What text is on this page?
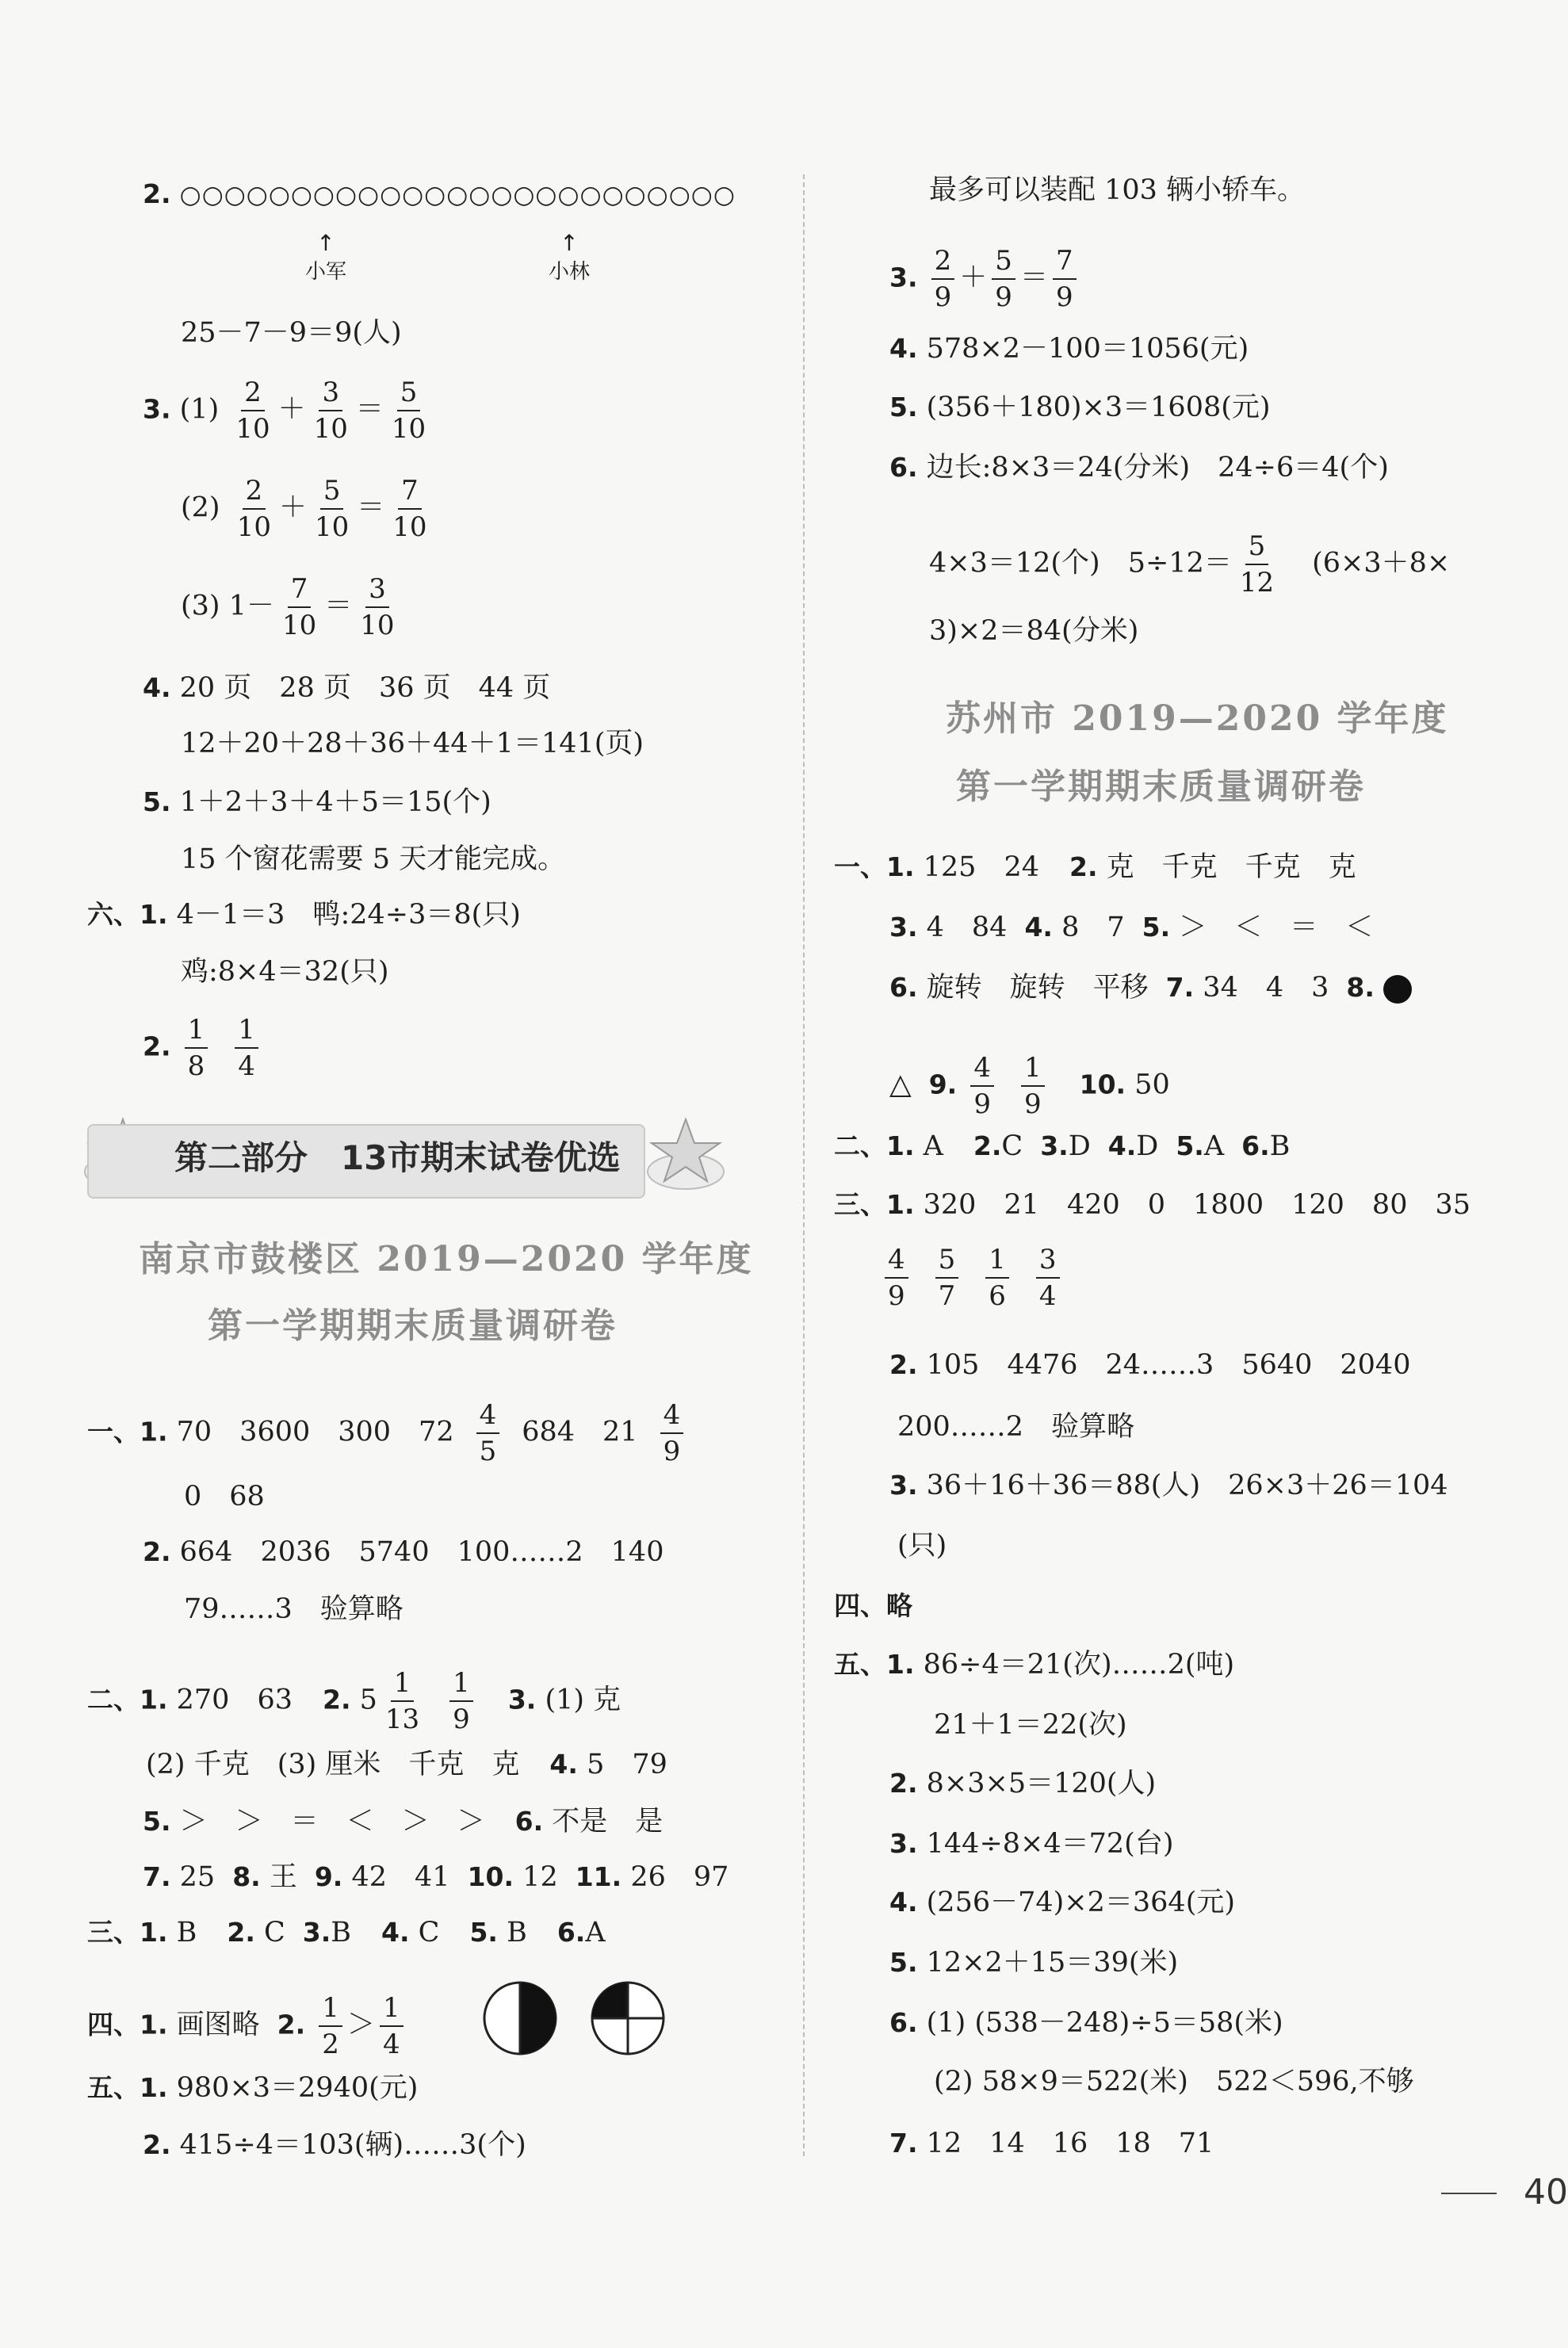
2. ○○○○○○○○○○○○○○○○○○○○○○○○○
↑
小军
↑
小林
25－7－9＝9(人)
3. $(1) \frac{2}{10} + \frac{3}{10} = \frac{5}{10}$
$(2) \frac{2}{10} + \frac{5}{10} = \frac{7}{10}$
(3) $1- \frac{7}{10} = \frac{3}{10}$
4. 20 页　28 页　36 页　44 页
12＋20＋28＋36＋44＋1＝141(页)
5. 1＋2＋3＋4＋5＝15(个)
15 个窗花需要 5 天才能完成。
六、1. 4－1＝3　鸭:24÷3＝8(只)
鸡:8×4＝32(只)
2. $\frac{1}{8} \frac{1}{4}$
第二部分　13市期末试卷优选
南京市鼓楼区 2019—2020 学年度
第一学期期末质量调研卷
一、1. 70　3600　300　$72 \frac{4}{5} 684$　$21 \frac{4}{9}$
0　68
2. 664　2036　5740　100……2　140
79……3　验算略
二、1. 270　63 2. $5 \frac{1}{13} \frac{1}{9} 3$. (1) 克
(2) 千克　(3) 厘米　千克　克 4. 5　79
5. ＞　＞　＝　＜　＞　＞ 6. 不是　是
7. 25 8. 王 9. 42　41 10. 12 11. 26　97
三、1. B 2. C 3.B 4. C 5. B 6.A
四、1. 画图略 2. $\frac{1}{2} > \frac{1}{4}$
五、1. 980×3＝2940(元)
2. 415÷4＝103(辆)……3(个)
最多可以装配 103 辆小轿车。
3. $\frac{2}{9} + \frac{5}{9} = \frac{7}{9}$
4. 578×2－100＝1056(元)
5. (356＋180)×3＝1608(元)
6. 边长:8×3＝24(分米)　24÷6＝4(个)
4×3＝12(个)　$5\div 12= \frac{5}{12} (6\times 3+8\times$
3)×2＝84(分米)
苏州市 2019—2020 学年度
第一学期期末质量调研卷
一、1. 125　24 2. 克　千克　千克　克
3. 4　84 4. 8　7 5. ＞　＜　＝　＜
6. 旋转　旋转　平移 7. 34　4　3 8.
△ 9. $\frac{4}{9} \frac{1}{9} 10$. 50
二、1. A 2.C 3.D 4.D 5.A 6.B
三、1. 320　21　420　0　1800　120　80　35
$\frac{4}{9} \frac{5}{7} \frac{1}{6} \frac{3}{4}$
2. 105　4476　24……3　5640　2040
200……2　验算略
3. 36＋16＋36＝88(人)　26×3＋26＝104
(只)
四、略
五、1. 86÷4＝21(次)……2(吨)
21＋1＝22(次)
2. 8×3×5＝120(人)
3. 144÷8×4＝72(台)
4. (256－74)×2＝364(元)
5. 12×2＋15＝39(米)
6. (1) (538－248)÷5＝58(米)
(2) 58×9＝522(米)　522＜596,不够
7. 12　14　16　18　71
40
